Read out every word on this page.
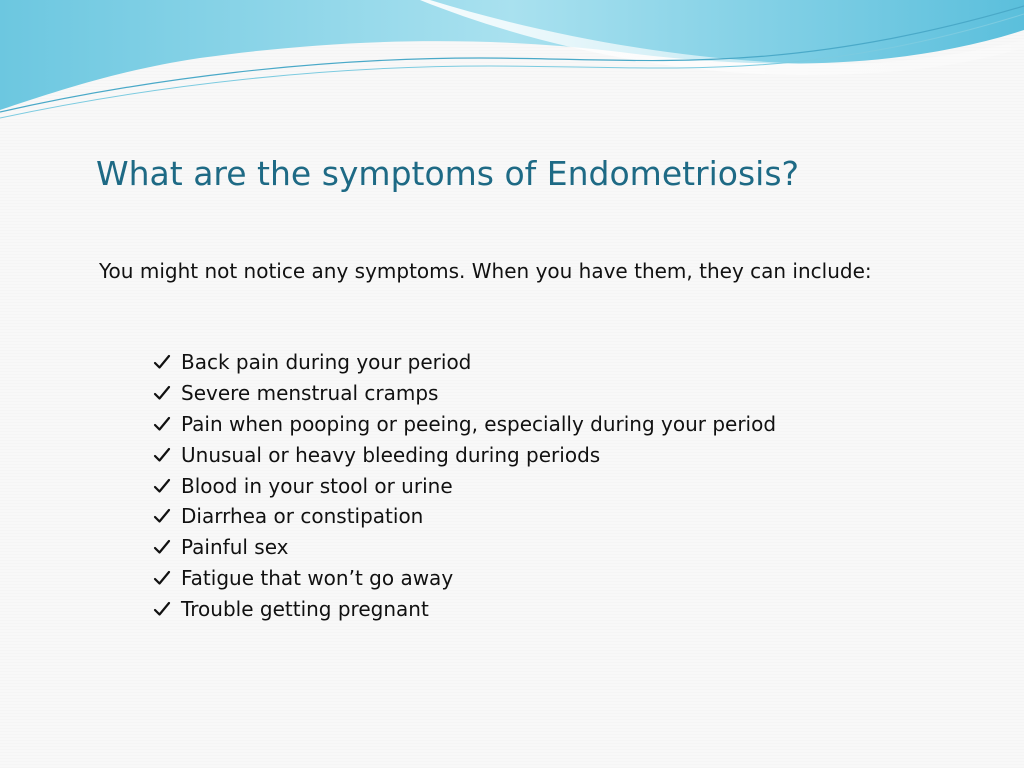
What are the symptoms of Endometriosis?

You might not notice any symptoms. When you have them, they can include:

Back pain during your period
Severe menstrual cramps
Pain when pooping or peeing, especially during your period
Unusual or heavy bleeding during periods
Blood in your stool or urine
Diarrhea or constipation
Painful sex
Fatigue that won’t go away
Trouble getting pregnant
